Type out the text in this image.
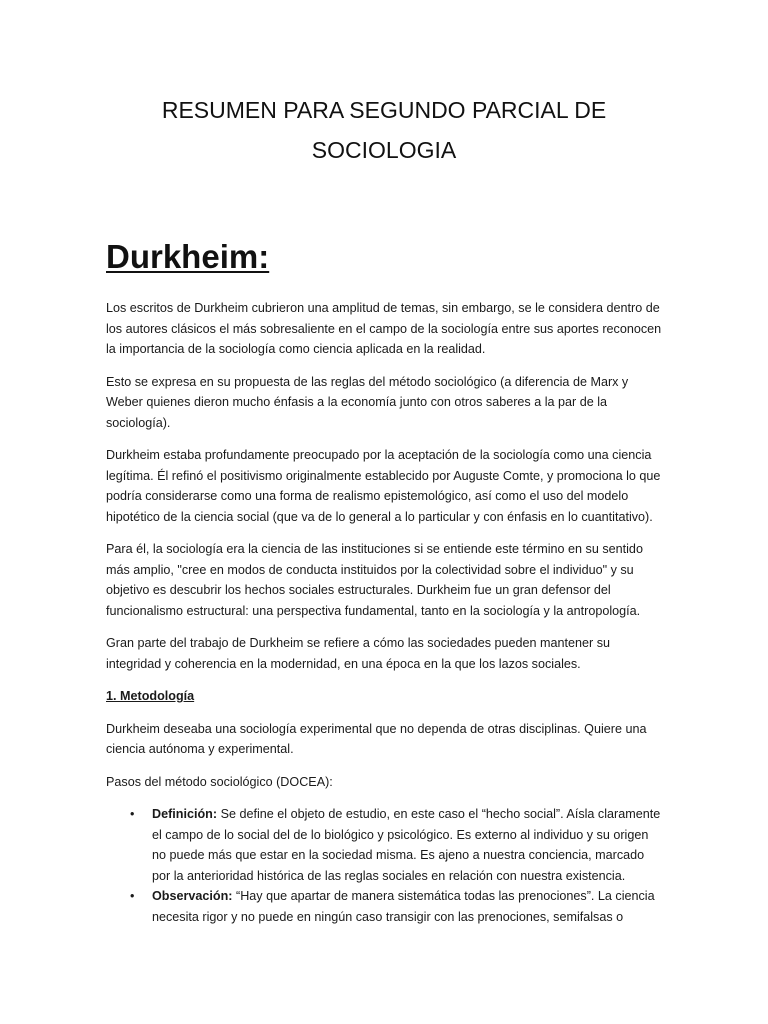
RESUMEN PARA SEGUNDO PARCIAL DE
SOCIOLOGIA
Durkheim:

Los escritos de Durkheim cubrieron una amplitud de temas, sin embargo, se le considera dentro de los autores clásicos el más sobresaliente en el campo de la sociología entre sus aportes reconocen la importancia de la sociología como ciencia aplicada en la realidad.

Esto se expresa en su propuesta de las reglas del método sociológico (a diferencia de Marx y Weber quienes dieron mucho énfasis a la economía junto con otros saberes a la par de la sociología).

Durkheim estaba profundamente preocupado por la aceptación de la sociología como una ciencia legítima. Él refinó el positivismo originalmente establecido por Auguste Comte, y promociona lo que podría considerarse como una forma de realismo epistemológico, así como el uso del modelo hipotético de la ciencia social (que va de lo general a lo particular y con énfasis en lo cuantitativo).

Para él, la sociología era la ciencia de las instituciones si se entiende este término en su sentido más amplio, "cree en modos de conducta instituidos por la colectividad sobre el individuo" y su objetivo es descubrir los hechos sociales estructurales. Durkheim fue un gran defensor del funcionalismo estructural: una perspectiva fundamental, tanto en la sociología y la antropología.

Gran parte del trabajo de Durkheim se refiere a cómo las sociedades pueden mantener su integridad y coherencia en la modernidad, en una época en la que los lazos sociales.

1. Metodología

Durkheim deseaba una sociología experimental que no dependa de otras disciplinas. Quiere una ciencia autónoma y experimental.

Pasos del método sociológico (DOCEA):

• Definición: Se define el objeto de estudio, en este caso el “hecho social”. Aísla claramente el campo de lo social del de lo biológico y psicológico. Es externo al individuo y su origen no puede más que estar en la sociedad misma. Es ajeno a nuestra conciencia, marcado por la anterioridad histórica de las reglas sociales en relación con nuestra existencia.
• Observación: “Hay que apartar de manera sistemática todas las prenociones”. La ciencia necesita rigor y no puede en ningún caso transigir con las prenociones, semifalsas o
